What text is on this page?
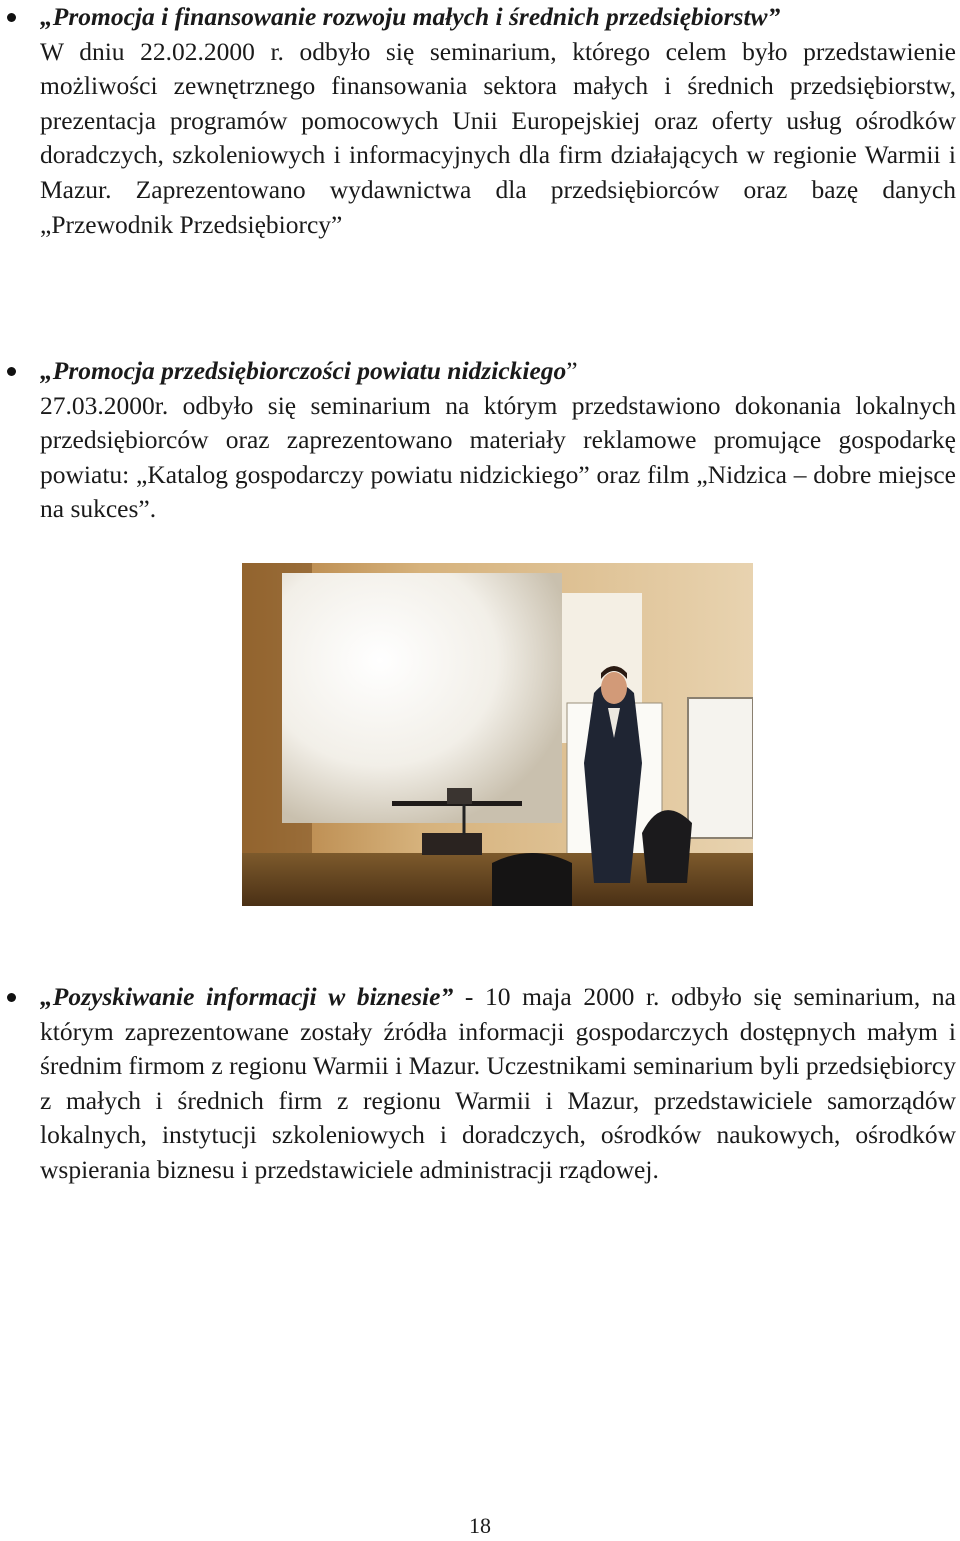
„Promocja i finansowanie rozwoju małych i średnich przedsiębiorstw”
W dniu 22.02.2000 r. odbyło się seminarium, którego celem było przedstawienie możliwości zewnętrznego finansowania sektora małych i średnich przedsiębiorstw, prezentacja programów pomocowych Unii Europejskiej oraz oferty usług ośrodków doradczych, szkoleniowych i informacyjnych dla firm działających w regionie Warmii i Mazur. Zaprezentowano wydawnictwa dla przedsiębiorców oraz bazę danych „Przewodnik Przedsiębiorcy”
„Promocja przedsiębiorczości powiatu nidzickiego”
27.03.2000r. odbyło się seminarium na którym przedstawiono dokonania lokalnych przedsiębiorców oraz zaprezentowano materiały reklamowe promujące gospodarkę powiatu: „Katalog gospodarczy powiatu nidzickiego” oraz film „Nidzica – dobre miejsce na sukces”.
„Pozyskiwanie informacji w biznesie” - 10 maja 2000 r. odbyło się seminarium, na którym zaprezentowane zostały źródła informacji gospodarczych dostępnych małym i średnim firmom z regionu Warmii i Mazur. Uczestnikami seminarium byli przedsiębiorcy z małych i średnich firm z regionu Warmii i Mazur, przedstawiciele samorządów lokalnych, instytucji szkoleniowych i doradczych, ośrodków naukowych, ośrodków wspierania biznesu i przedstawiciele administracji rządowej.
18
